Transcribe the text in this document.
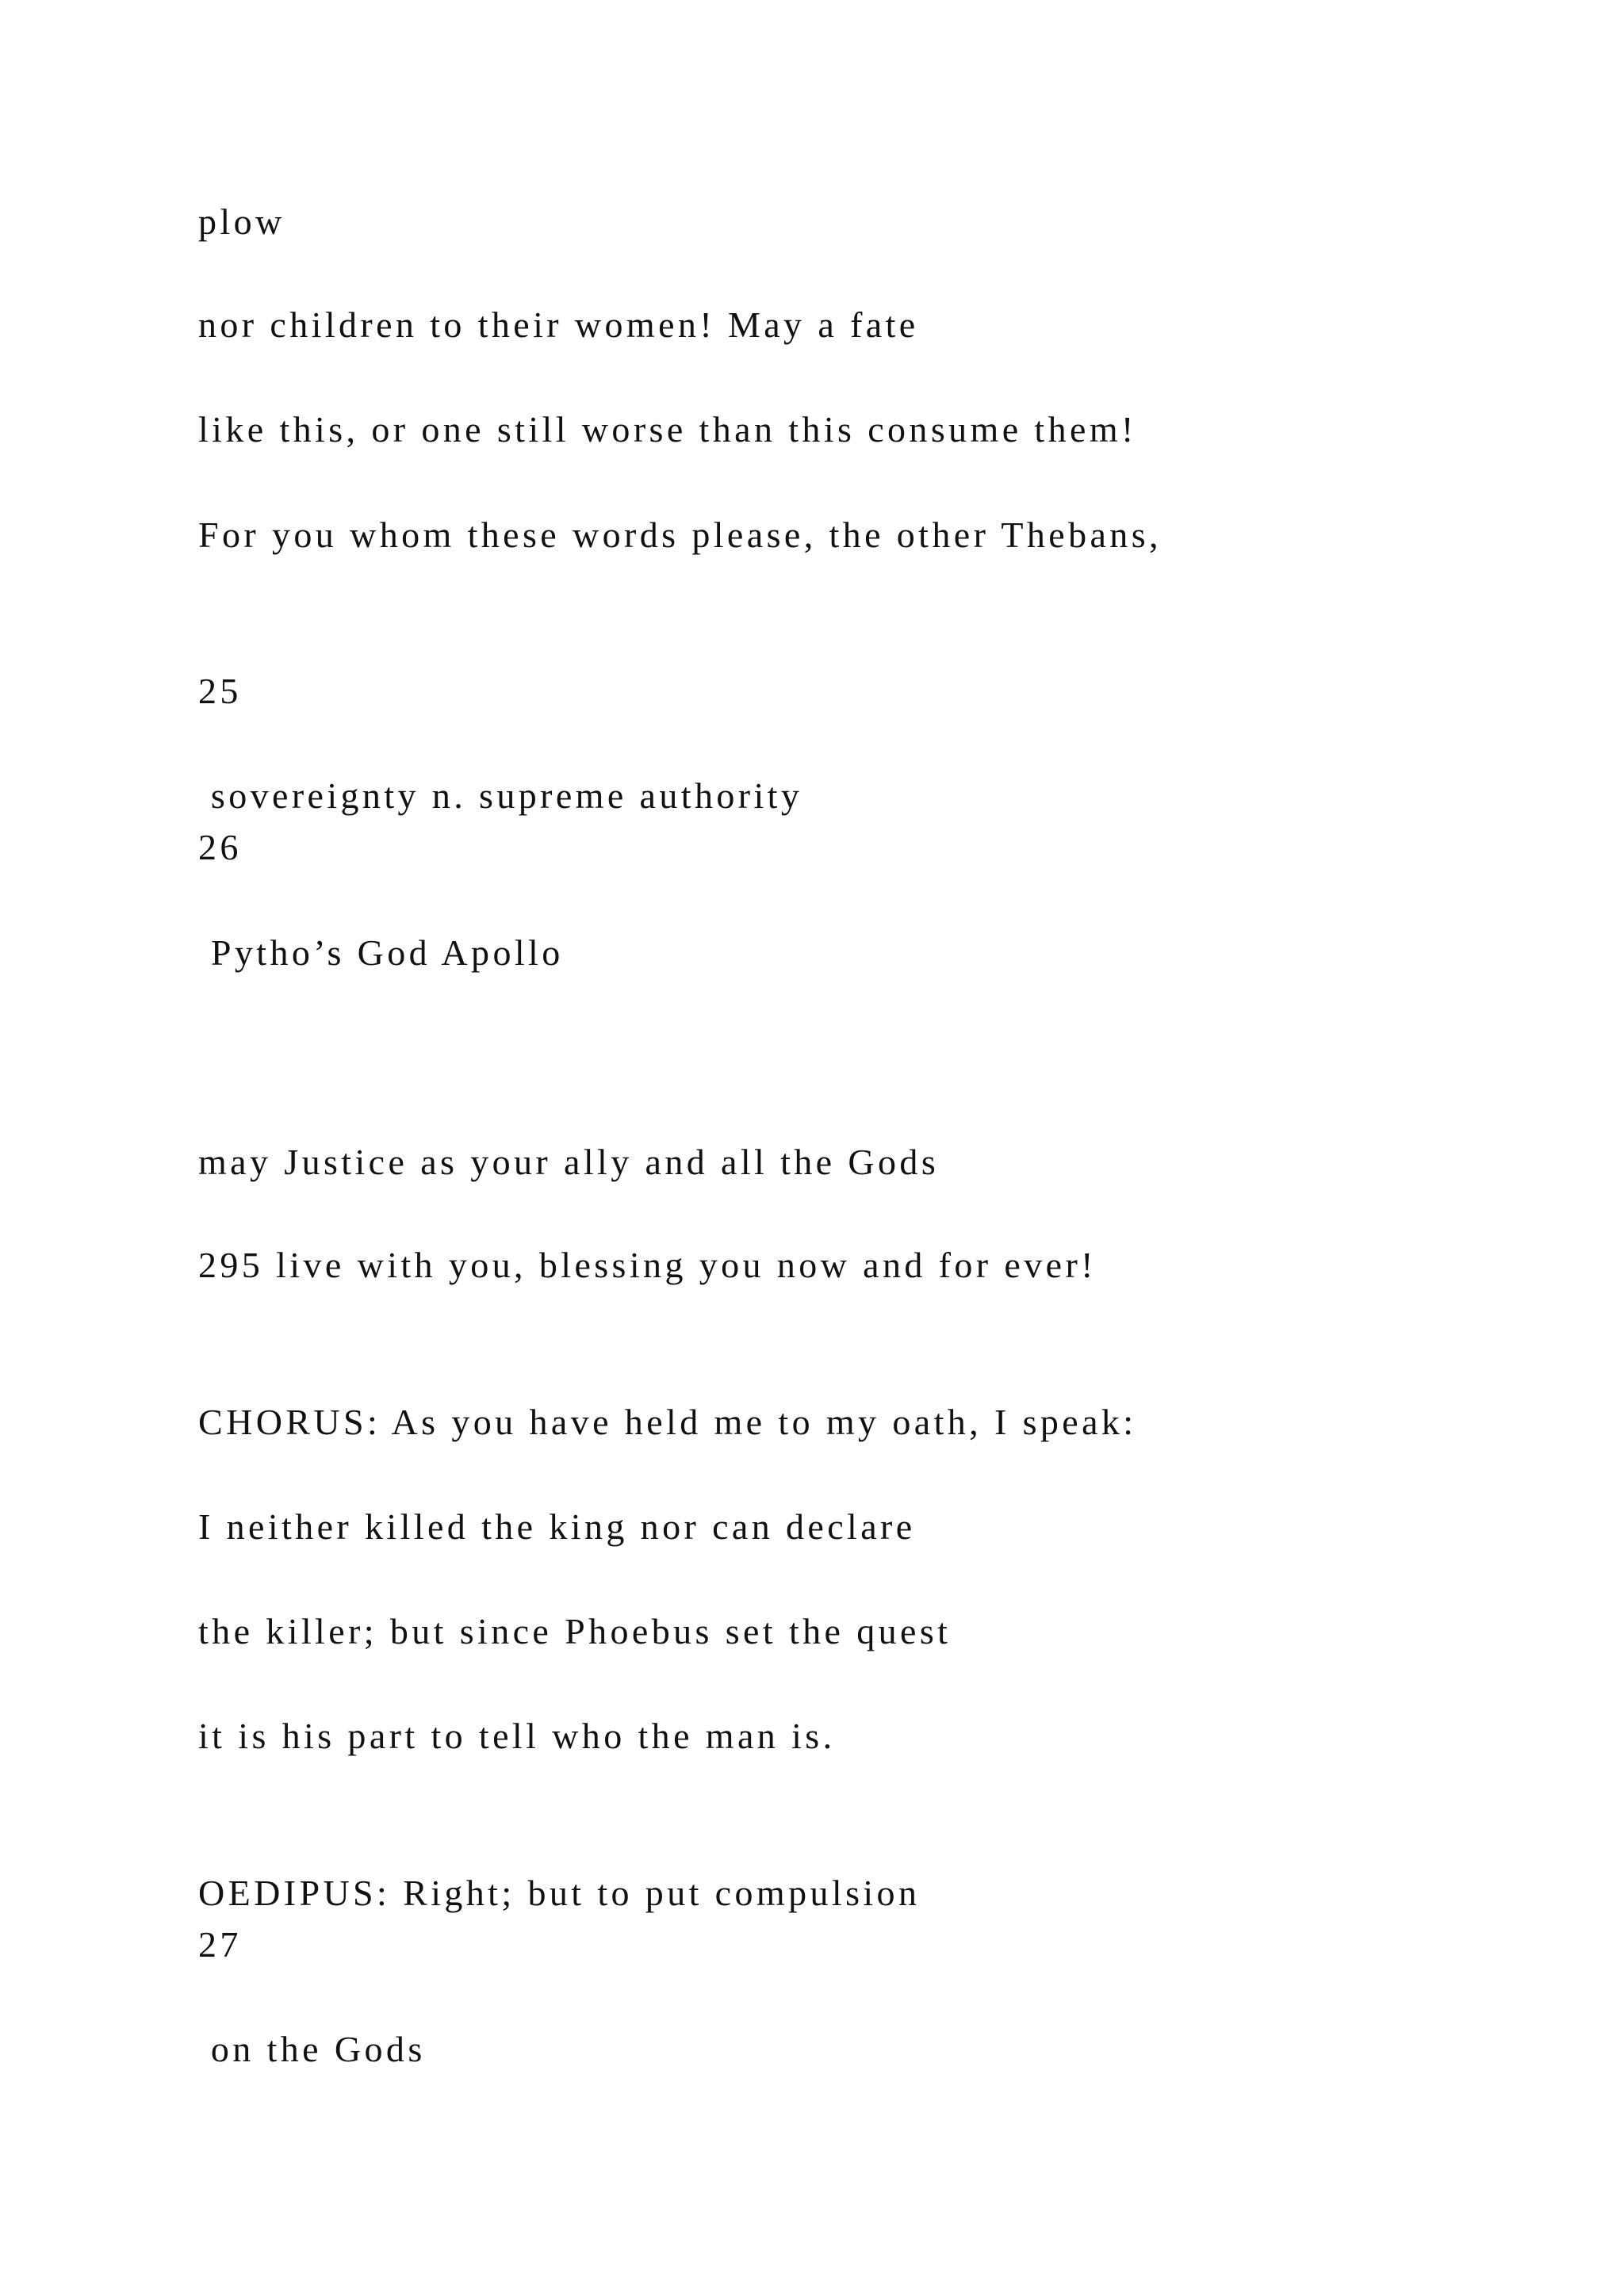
plow
nor children to their women! May a fate
like this, or one still worse than this consume them!
For you whom these words please, the other Thebans,
25
sovereignty n. supreme authority
26
Pytho’s God Apollo
may Justice as your ally and all the Gods
295 live with you, blessing you now and for ever!
CHORUS: As you have held me to my oath, I speak:
I neither killed the king nor can declare
the killer; but since Phoebus set the quest
it is his part to tell who the man is.
OEDIPUS: Right; but to put compulsion
27
on the Gods
